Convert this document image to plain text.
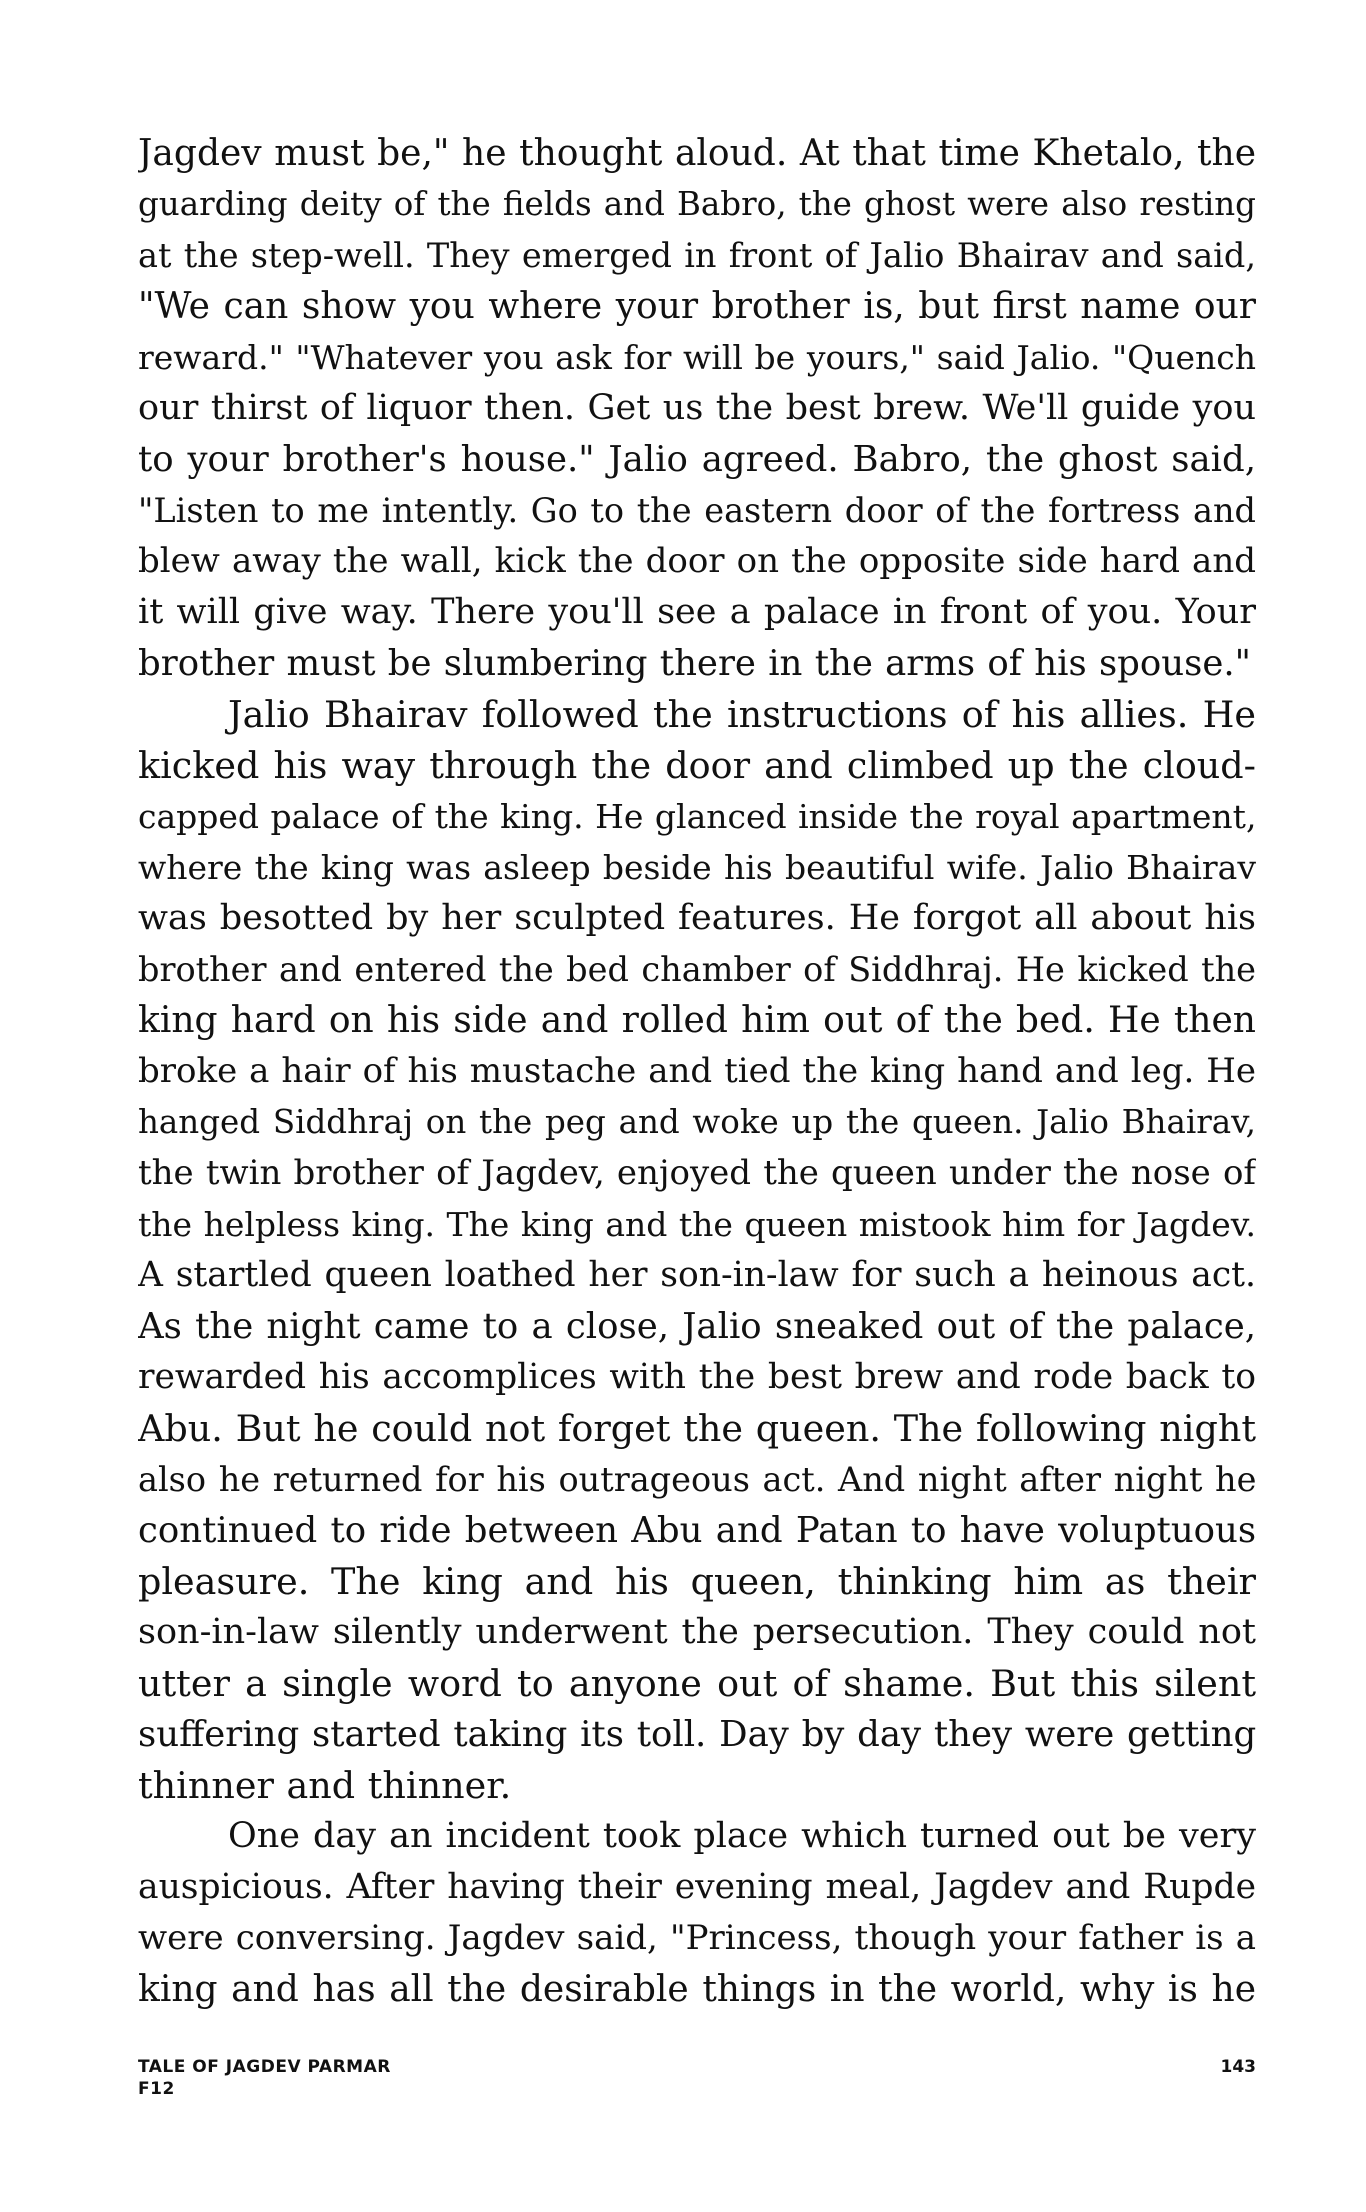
Jagdev must be," he thought aloud. At that time Khetalo, the
guarding deity of the fields and Babro, the ghost were also resting
at the step-well. They emerged in front of Jalio Bhairav and said,
"We can show you where your brother is, but first name our
reward." "Whatever you ask for will be yours," said Jalio. "Quench
our thirst of liquor then. Get us the best brew. We'll guide you
to your brother's house." Jalio agreed. Babro, the ghost said,
"Listen to me intently. Go to the eastern door of the fortress and
blew away the wall, kick the door on the opposite side hard and
it will give way. There you'll see a palace in front of you. Your
brother must be slumbering there in the arms of his spouse."
Jalio Bhairav followed the instructions of his allies. He
kicked his way through the door and climbed up the cloud-
capped palace of the king. He glanced inside the royal apartment,
where the king was asleep beside his beautiful wife. Jalio Bhairav
was besotted by her sculpted features. He forgot all about his
brother and entered the bed chamber of Siddhraj. He kicked the
king hard on his side and rolled him out of the bed. He then
broke a hair of his mustache and tied the king hand and leg. He
hanged Siddhraj on the peg and woke up the queen. Jalio Bhairav,
the twin brother of Jagdev, enjoyed the queen under the nose of
the helpless king. The king and the queen mistook him for Jagdev.
A startled queen loathed her son-in-law for such a heinous act.
As the night came to a close, Jalio sneaked out of the palace,
rewarded his accomplices with the best brew and rode back to
Abu. But he could not forget the queen. The following night
also he returned for his outrageous act. And night after night he
continued to ride between Abu and Patan to have voluptuous
pleasure. The king and his queen, thinking him as their
son-in-law silently underwent the persecution. They could not
utter a single word to anyone out of shame. But this silent
suffering started taking its toll. Day by day they were getting
thinner and thinner.
One day an incident took place which turned out be very
auspicious. After having their evening meal, Jagdev and Rupde
were conversing. Jagdev said, "Princess, though your father is a
king and has all the desirable things in the world, why is he
TALE OF JAGDEV PARMAR
F12
143
